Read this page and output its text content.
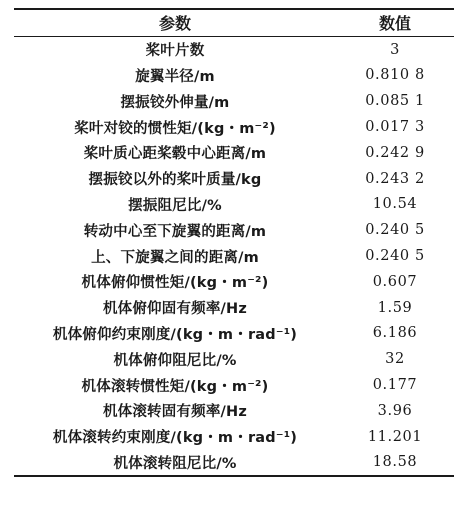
参数	数值
桨叶片数	3
旋翼半径/m	0.810 8
摆振铰外伸量/m	0.085 1
桨叶对铰的惯性矩/(kg・m⁻²)	0.017 3
桨叶质心距桨毂中心距离/m	0.242 9
摆振铰以外的桨叶质量/kg	0.243 2
摆振阻尼比/%	10.54
转动中心至下旋翼的距离/m	0.240 5
上、下旋翼之间的距离/m	0.240 5
机体俯仰惯性矩/(kg・m⁻²)	0.607
机体俯仰固有频率/Hz	1.59
机体俯仰约束刚度/(kg・m・rad⁻¹)	6.186
机体俯仰阻尼比/%	32
机体滚转惯性矩/(kg・m⁻²)	0.177
机体滚转固有频率/Hz	3.96
机体滚转约束刚度/(kg・m・rad⁻¹)	11.201
机体滚转阻尼比/%	18.58
